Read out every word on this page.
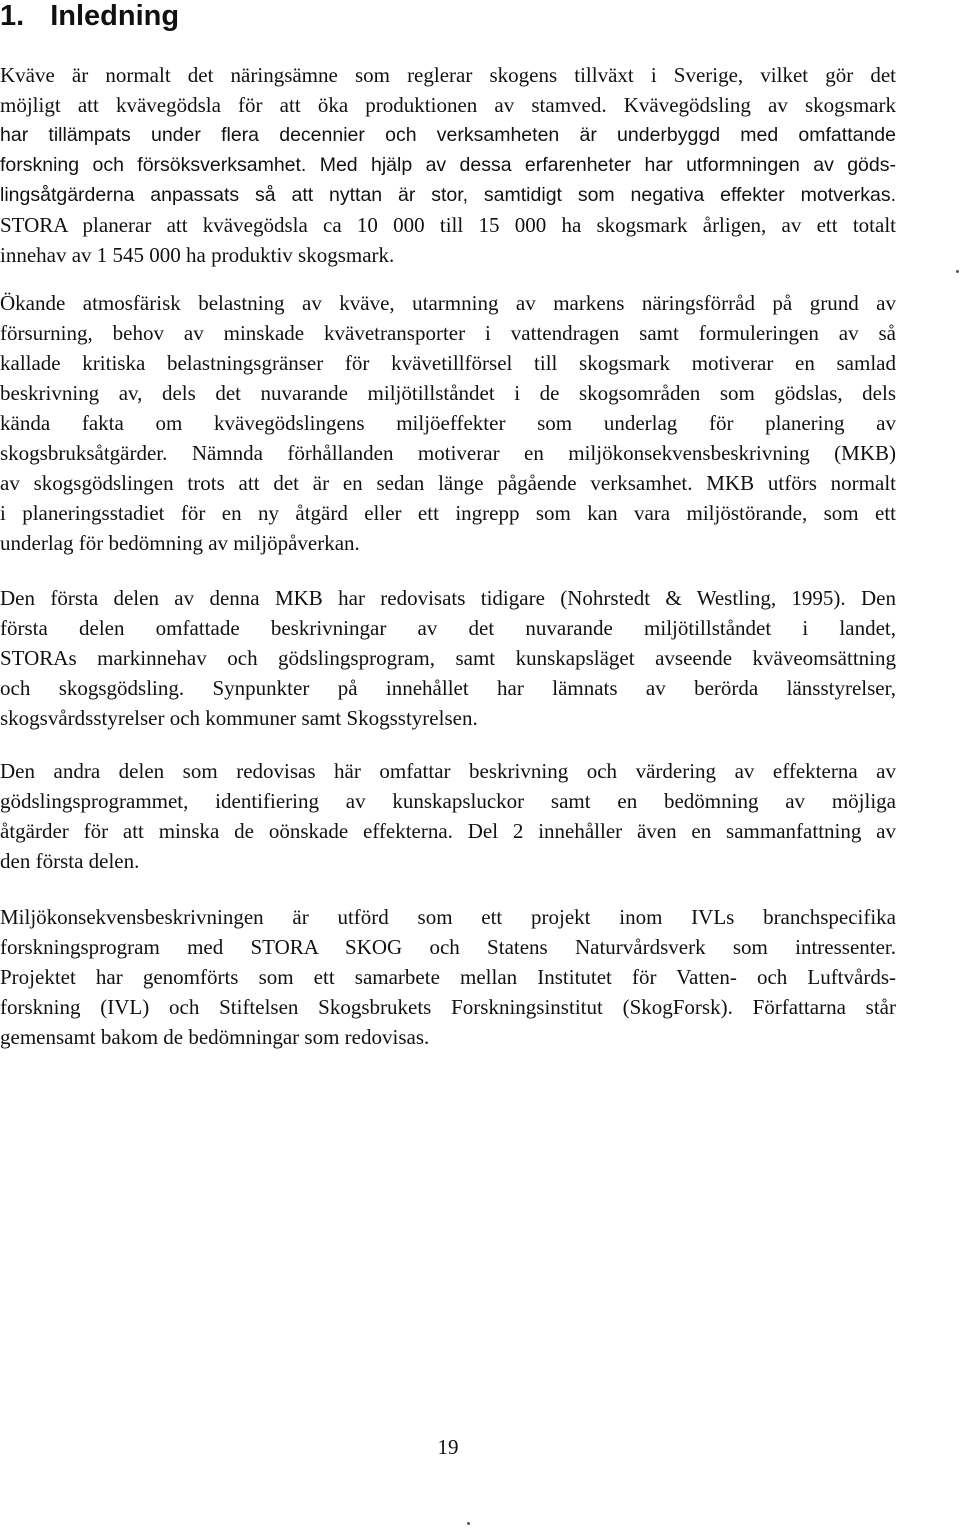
1. Inledning
Kväve är normalt det näringsämne som reglerar skogens tillväxt i Sverige, vilket gör det
möjligt att kvävegödsla för att öka produktionen av stamved. Kvävegödsling av skogsmark
har tillämpats under flera decennier och verksamheten är underbyggd med omfattande
forskning och försöksverksamhet. Med hjälp av dessa erfarenheter har utformningen av göds-
lingsåtgärderna anpassats så att nyttan är stor, samtidigt som negativa effekter motverkas.
STORA planerar att kvävegödsla ca 10 000 till 15 000 ha skogsmark årligen, av ett totalt
innehav av 1 545 000 ha produktiv skogsmark.
Ökande atmosfärisk belastning av kväve, utarmning av markens näringsförråd på grund av
försurning, behov av minskade kvävetransporter i vattendragen samt formuleringen av så
kallade kritiska belastningsgränser för kvävetillförsel till skogsmark motiverar en samlad
beskrivning av, dels det nuvarande miljötillståndet i de skogsområden som gödslas, dels
kända fakta om kvävegödslingens miljöeffekter som underlag för planering av
skogsbruksåtgärder. Nämnda förhållanden motiverar en miljökonsekvensbeskrivning (MKB)
av skogsgödslingen trots att det är en sedan länge pågående verksamhet. MKB utförs normalt
i planeringsstadiet för en ny åtgärd eller ett ingrepp som kan vara miljöstörande, som ett
underlag för bedömning av miljöpåverkan.
Den första delen av denna MKB har redovisats tidigare (Nohrstedt & Westling, 1995). Den
första delen omfattade beskrivningar av det nuvarande miljötillståndet i landet,
STORAs markinnehav och gödslingsprogram, samt kunskapsläget avseende kväveomsättning
och skogsgödsling. Synpunkter på innehållet har lämnats av berörda länsstyrelser,
skogsvårdsstyrelser och kommuner samt Skogsstyrelsen.
Den andra delen som redovisas här omfattar beskrivning och värdering av effekterna av
gödslingsprogrammet, identifiering av kunskapsluckor samt en bedömning av möjliga
åtgärder för att minska de oönskade effekterna. Del 2 innehåller även en sammanfattning av
den första delen.
Miljökonsekvensbeskrivningen är utförd som ett projekt inom IVLs branchspecifika
forskningsprogram med STORA SKOG och Statens Naturvårdsverk som intressenter.
Projektet har genomförts som ett samarbete mellan Institutet för Vatten- och Luftvårds-
forskning (IVL) och Stiftelsen Skogsbrukets Forskningsinstitut (SkogForsk). Författarna står
gemensamt bakom de bedömningar som redovisas.
19
